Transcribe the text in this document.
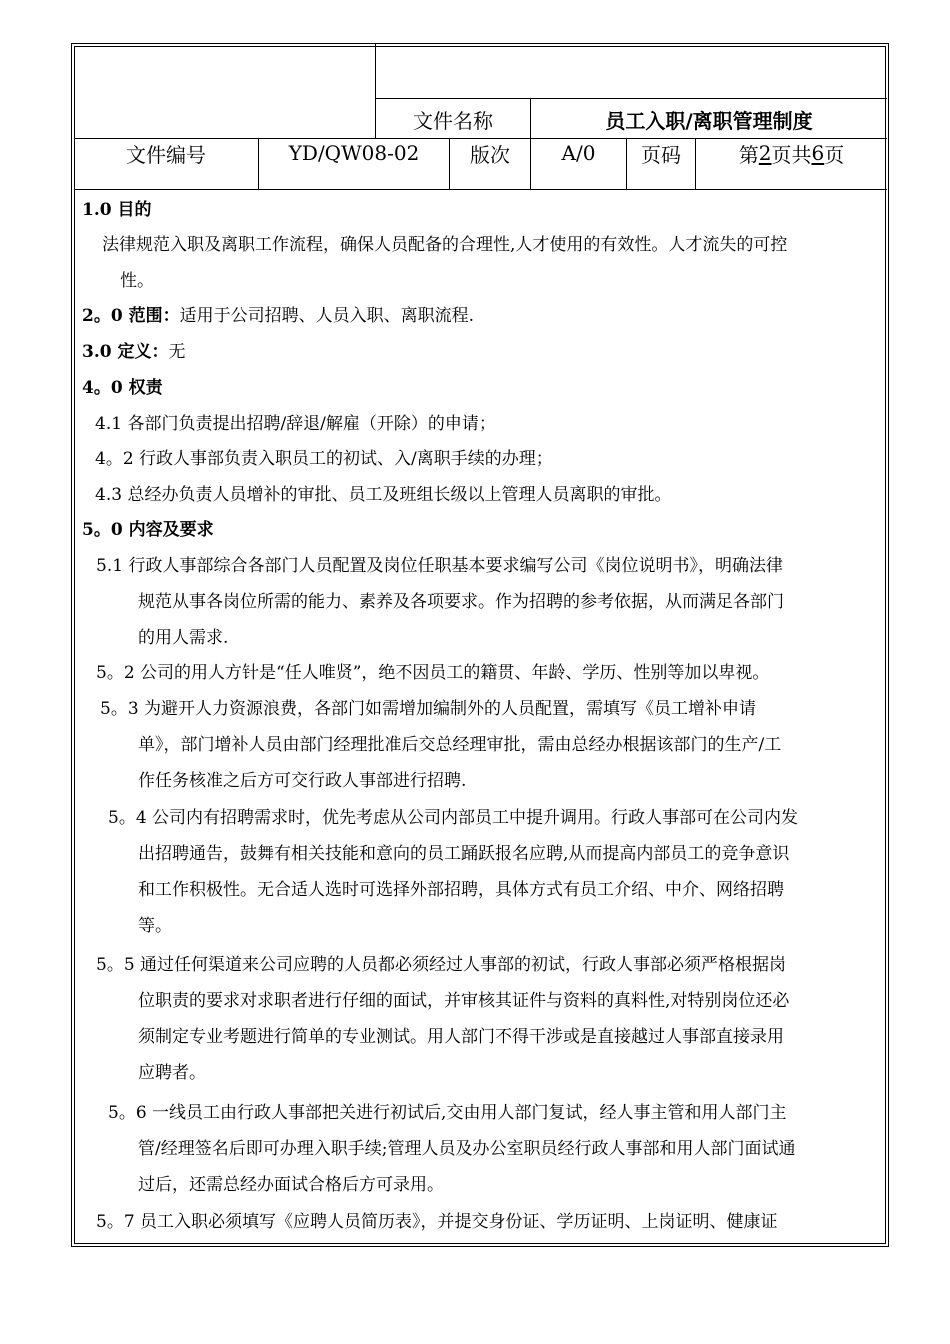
文件名称	员工入职/离职管理制度
文件编号	YD/QW08-02	版次	A/0	页码	第 2 页共 6 页
1.0 目的
法律规范入职及离职工作流程，确保人员配备的合理性,人才使用的有效性。人才流失的可控
性。
2。0 范围：适用于公司招聘、人员入职、离职流程.
3.0 定义：无
4。0 权责
4.1 各部门负责提出招聘/辞退/解雇（开除）的申请；
4。2 行政人事部负责入职员工的初试、入/离职手续的办理；
4.3 总经办负责人员增补的审批、员工及班组长级以上管理人员离职的审批。
5。0 内容及要求
5.1 行政人事部综合各部门人员配置及岗位任职基本要求编写公司《岗位说明书》，明确法律
规范从事各岗位所需的能力、素养及各项要求。作为招聘的参考依据，从而满足各部门
的用人需求.
5。2 公司的用人方针是“任人唯贤”，绝不因员工的籍贯、年龄、学历、性别等加以卑视。
5。3 为避开人力资源浪费，各部门如需增加编制外的人员配置，需填写《员工增补申请
单》，部门增补人员由部门经理批准后交总经理审批，需由总经办根据该部门的生产/工
作任务核准之后方可交行政人事部进行招聘.
5。4 公司内有招聘需求时，优先考虑从公司内部员工中提升调用。行政人事部可在公司内发
出招聘通告，鼓舞有相关技能和意向的员工踊跃报名应聘,从而提高内部员工的竞争意识
和工作积极性。无合适人选时可选择外部招聘，具体方式有员工介绍、中介、网络招聘
等。
5。5 通过任何渠道来公司应聘的人员都必须经过人事部的初试，行政人事部必须严格根据岗
位职责的要求对求职者进行仔细的面试，并审核其证件与资料的真料性,对特别岗位还必
须制定专业考题进行简单的专业测试。用人部门不得干涉或是直接越过人事部直接录用
应聘者。
5。6 一线员工由行政人事部把关进行初试后,交由用人部门复试，经人事主管和用人部门主
管/经理签名后即可办理入职手续;管理人员及办公室职员经行政人事部和用人部门面试通
过后，还需总经办面试合格后方可录用。
5。7 员工入职必须填写《应聘人员简历表》，并提交身份证、学历证明、上岗证明、健康证
